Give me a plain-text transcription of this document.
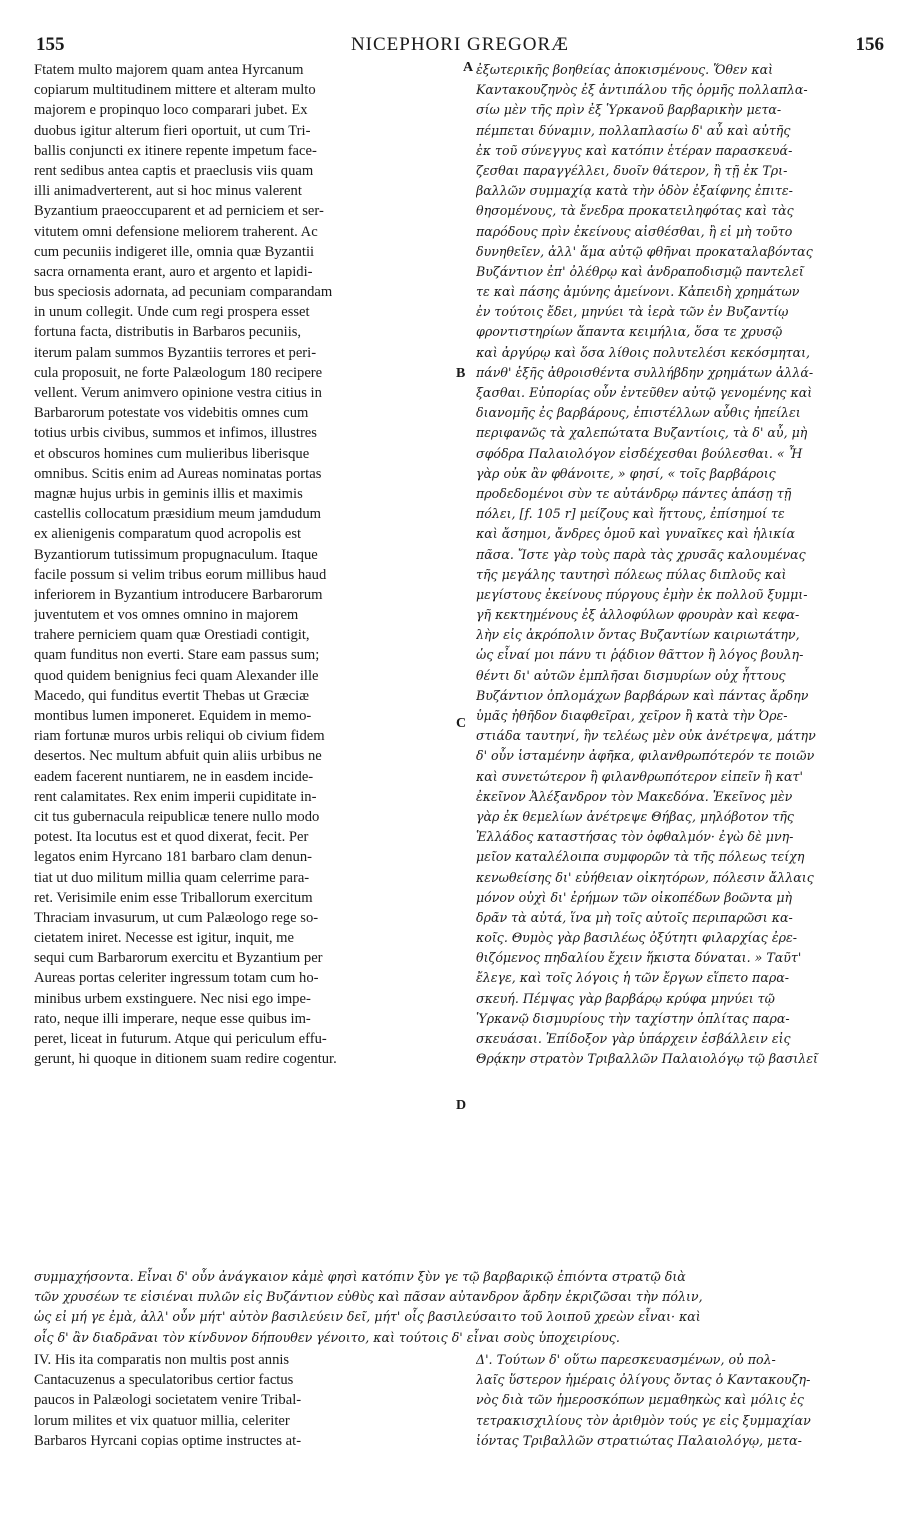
155	NICEPHORI GREGORÆ	156
Ftatem multo majorem quam antea Hyrcanum
copiarum multitudinem mittere et alteram multo
majorem e propinquo loco comparari jubet. Ex
duobus igitur alterum fieri oportuit, ut cum Tri-
ballis conjuncti ex itinere repente impetum face-
rent sedibus antea captis et praeclusis viis quam
illi animadverterent, aut si hoc minus valerent
Byzantium praeoccuparent et ad perniciem et ser-
vitutem omni defensione meliorem traherent. Ac
cum pecuniis indigeret ille, omnia quæ Byzantii
sacra ornamenta erant, auro et argento et lapidi-
bus speciosis adornata, ad pecuniam comparandam
in unum collegit. Unde cum regi prospera esset
fortuna facta, distributis in Barbaros pecuniis,
iterum palam summos Byzantiis terrores et peri-
cula proposuit, ne forte Palæologum 180 recipere
vellent. Verum animvero opinione vestra citius in
Barbarorum potestate vos videbitis omnes cum
totius urbis civibus, summos et infimos, illustres
et obscuros homines cum mulieribus liberisque
omnibus. Scitis enim ad Aureas nominatas portas
magnæ hujus urbis in geminis illis et maximis
castellis collocatum præsidium meum jamdudum
ex alienigenis comparatum quod acropolis est
Byzantiorum tutissimum propugnaculum. Itaque
facile possum si velim tribus eorum millibus haud
inferiorem in Byzantium introducere Barbarorum
juventutem et vos omnes omnino in majorem
trahere perniciem quam quæ Orestiadi contigit,
quam funditus non everti. Stare eam passus sum;
quod quidem benignius feci quam Alexander ille
Macedo, qui funditus evertit Thebas ut Græciæ
montibus lumen imponeret. Equidem in memo-
riam fortunæ muros urbis reliqui ob civium fidem
desertos. Nec multum abfuit quin aliis urbibus ne
eadem facerent nuntiarem, ne in easdem incide-
rent calamitates. Rex enim imperii cupiditate in-
cit tus gubernacula reipublicæ tenere nullo modo
potest. Ita locutus est et quod dixerat, fecit. Per
legatos enim Hyrcano 181 barbaro clam denun-
tiat ut duo militum millia quam celerrime para-
ret. Verisimile enim esse Triballorum exercitum
Thraciam invasurum, ut cum Palæologo rege so-
cietatem iniret. Necesse est igitur, inquit, me
sequi cum Barbarorum exercitu et Byzantium per
Aureas portas celeriter ingressum totam cum ho-
minibus urbem exstinguere. Nec nisi ego impe-
rato, neque illi imperare, neque esse quibus im-
peret, liceat in futurum. Atque qui periculum effu-
gerunt, hi quoque in ditionem suam redire cogentur.
ἐξωτερικῆς βοηθείας ἀποκισμένους. Ὅθεν καὶ
Καντακουζηνὸς ἐξ ἀντιπάλου τῆς ὁρμῆς πολλαπλα-
σίω μὲν τῆς πρὶν ἐξ Ὑρκανοῦ βαρβαρικὴν μετα-
πέμπεται δύναμιν, πολλαπλασίω δ' αὖ καὶ αὐτῆς
ἐκ τοῦ σύνεγγυς καὶ κατόπιν ἑτέραν παρασκευά-
ζεσθαι παραγγέλλει, δυοῖν θάτερον, ἢ τῇ ἐκ Τρι-
βαλλῶν συμμαχίᾳ κατὰ τὴν ὁδὸν ἐξαίφνης ἐπιτε-
θησομένους, τὰ ἔνεδρα προκατειληφότας καὶ τὰς
παρόδους πρὶν ἐκείνους αἰσθέσθαι, ἢ εἰ μὴ τοῦτο
δυνηθεῖεν, ἀλλ' ἅμα αὐτῷ φθῆναι προκαταλαβόντας
Βυζάντιον ἐπ' ὀλέθρῳ καὶ ἀνδραποδισμῷ παντελεῖ
τε καὶ πάσης ἀμύνης ἀμείνονι. Κἀπειδὴ χρημάτων
ἐν τούτοις ἔδει, μηνύει τὰ ἱερὰ τῶν ἐν Βυζαντίῳ
φροντιστηρίων ἅπαντα κειμήλια, ὅσα τε χρυσῷ
καὶ ἀργύρῳ καὶ ὅσα λίθοις πολυτελέσι κεκόσμηται,
πάνθ' ἑξῆς ἀθροισθέντα συλλήβδην χρημάτων ἀλλά-
ξασθαι. Εὐπορίας οὖν ἐντεῦθεν αὐτῷ γενομένης καὶ
διανομῆς ἐς βαρβάρους, ἐπιστέλλων αὖθις ἠπείλει
περιφανῶς τὰ χαλεπώτατα Βυζαντίοις, τὰ δ' αὖ, μὴ
σφόδρα Παλαιολόγον εἰσδέχεσθαι βούλεσθαι. « Ἦ
γὰρ οὐκ ἂν φθάνοιτε, » φησί, « τοῖς βαρβάροις
προδεδομένοι σὺν τε αὐτάνδρῳ πάντες ἁπάσῃ τῇ
πόλει, [f. 105 r] μείζους καὶ ἥττους, ἐπίσημοί τε
καὶ ἄσημοι, ἄνδρες ὁμοῦ καὶ γυναῖκες καὶ ἡλικία
πᾶσα. Ἴστε γὰρ τοὺς παρὰ τὰς χρυσᾶς καλουμένας
τῆς μεγάλης ταυτησὶ πόλεως πύλας διπλοῦς καὶ
μεγίστους ἐκείνους πύργους ἐμὴν ἐκ πολλοῦ ξυμμι-
γῆ κεκτημένους ἐξ ἀλλοφύλων φρουρὰν καὶ κεφα-
λὴν εἰς ἀκρόπολιν ὄντας Βυζαντίων καιριωτάτην,
ὡς εἶναί μοι πάνυ τι ῥᾴδιον θᾶττον ἢ λόγος βουλη-
θέντι δι' αὐτῶν ἐμπλῆσαι δισμυρίων οὐχ ἧττους
Βυζάντιον ὁπλομάχων βαρβάρων καὶ πάντας ἄρδην
ὑμᾶς ἠθῆδον διαφθεῖραι, χεῖρον ἢ κατὰ τὴν Ὀρε-
στιάδα ταυτηνί, ἣν τελέως μὲν οὐκ ἀνέτρεψα, μάτην
δ' οὖν ἱσταμένην ἀφῆκα, φιλανθρωπότερόν τε ποιῶν
καὶ συνετώτερον ἢ φιλανθρωπότερον εἰπεῖν ἢ κατ'
ἐκεῖνον Ἀλέξανδρον τὸν Μακεδόνα. Ἐκεῖνος μὲν
γὰρ ἐκ θεμελίων ἀνέτρεψε Θήβας, μηλόβοτον τῆς
Ἑλλάδος καταστήσας τὸν ὀφθαλμόν· ἐγὼ δὲ μνη-
μεῖον καταλέλοιπα συμφορῶν τὰ τῆς πόλεως τείχη
κενωθείσης δι' εὐήθειαν οἰκητόρων, πόλεσιν ἄλλαις
μόνον οὐχὶ δι' ἐρήμων τῶν οἰκοπέδων βοῶντα μὴ
δρᾶν τὰ αὐτά, ἵνα μὴ τοῖς αὐτοῖς περιπαρῶσι κα-
κοῖς. Θυμὸς γὰρ βασιλέως ὀξύτητι φιλαρχίας ἐρε-
θιζόμενος πηδαλίου ἔχειν ἥκιστα δύναται. » Ταῦτ'
ἔλεγε, καὶ τοῖς λόγοις ἡ τῶν ἔργων εἵπετο παρα-
σκευή. Πέμψας γὰρ βαρβάρῳ κρύφα μηνύει τῷ
Ὑρκανῷ δισμυρίους τὴν ταχίστην ὁπλίτας παρα-
σκευάσαι. Ἐπίδοξον γὰρ ὑπάρχειν ἐσβάλλειν εἰς
Θρᾴκην στρατὸν Τριβαλλῶν Παλαιολόγῳ τῷ βασιλεῖ
A
B
C
D
συμμαχήσοντα. Εἶναι δ' οὖν ἀνάγκαιον κἀμὲ φησὶ κατόπιν ξὺν γε τῷ βαρβαρικῷ ἐπιόντα στρατῷ διὰ
τῶν χρυσέων τε εἰσιέναι πυλῶν εἰς Βυζάντιον εὐθὺς καὶ πᾶσαν αὐτανδρον ἄρδην ἐκριζῶσαι τὴν πόλιν,
ὡς εἰ μή γε ἐμὰ, ἀλλ' οὖν μήτ' αὐτὸν βασιλεύειν δεῖ, μήτ' οἷς βασιλεύσαιτο τοῦ λοιποῦ χρεὼν εἶναι· καὶ
οἷς δ' ἂν διαδρᾶναι τὸν κίνδυνον δήπουθεν γένοιτο, καὶ τούτοις δ' εἶναι σοὺς ὑποχειρίους.
IV. His ita comparatis non multis post annis
Cantacuzenus a speculatoribus certior factus
paucos in Palæologi societatem venire Tribal-
lorum milites et vix quatuor millia, celeriter
Barbaros Hyrcani copias optime instructes at-
Δ'. Τούτων δ' οὕτω παρεσκευασμένων, οὐ πολ-
λαῖς ὕστερον ἡμέραις ὀλίγους ὄντας ὁ Καντακουζη-
νὸς διὰ τῶν ἡμεροσκόπων μεμαθηκὼς καὶ μόλις ἐς
τετρακισχιλίους τὸν ἀριθμὸν τούς γε εἰς ξυμμαχίαν
ἰόντας Τριβαλλῶν στρατιώτας Παλαιολόγῳ, μετα-
